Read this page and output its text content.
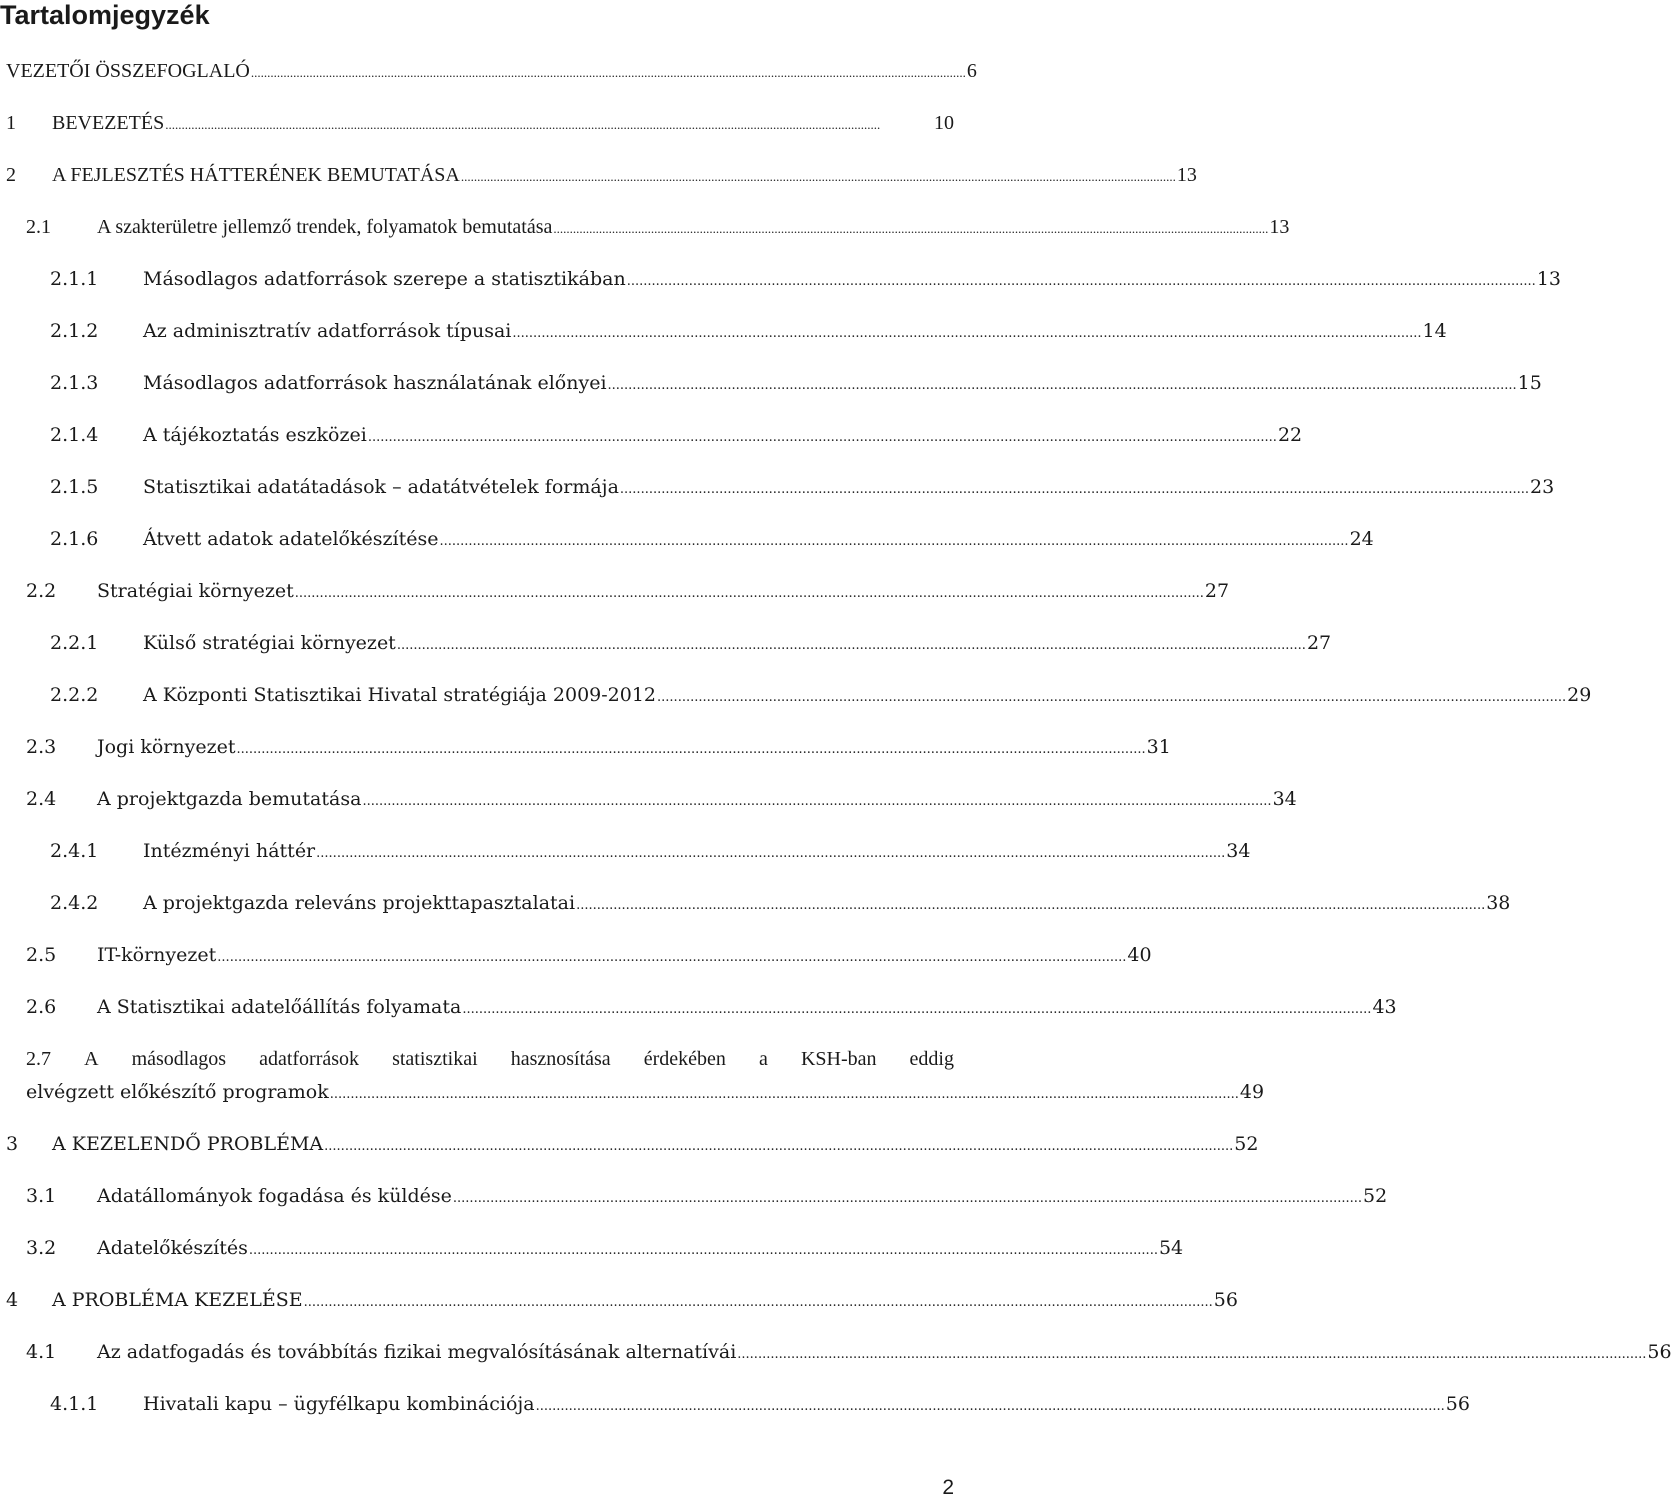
Tartalomjegyzék
VEZETŐI ÖSSZEFOGLALÓ .....	6
1	BEVEZETÉS .....	10
2	A FEJLESZTÉS HÁTTERÉNEK BEMUTATÁSA .....	13
2.1	A szakterületre jellemző trendek, folyamatok bemutatása .....	13
2.1.1	Másodlagos adatforrások szerepe a statisztikában .....	13
2.1.2	Az adminisztratív adatforrások típusai .....	14
2.1.3	Másodlagos adatforrások használatának előnyei .....	15
2.1.4	A tájékoztatás eszközei .....	22
2.1.5	Statisztikai adatátadások – adatátvételek formája .....	23
2.1.6	Átvett adatok adatelőkészítése .....	24
2.2	Stratégiai környezet .....	27
2.2.1	Külső stratégiai környezet .....	27
2.2.2	A Központi Statisztikai Hivatal stratégiája 2009-2012 .....	29
2.3	Jogi környezet .....	31
2.4	A projektgazda bemutatása .....	34
2.4.1	Intézményi háttér .....	34
2.4.2	A projektgazda releváns projekttapasztalatai .....	38
2.5	IT-környezet .....	40
2.6	A Statisztikai adatelőállítás folyamata .....	43
2.7 A másodlagos adatforrások statisztikai hasznosítása érdekében a KSH-ban eddig
elvégzett előkészítő programok .....	49
3	A KEZELENDŐ PROBLÉMA .....	52
3.1	Adatállományok fogadása és küldése .....	52
3.2	Adatelőkészítés .....	54
4	A PROBLÉMA KEZELÉSE .....	56
4.1	Az adatfogadás és továbbítás fizikai megvalósításának alternatívái .....	56
4.1.1	Hivatali kapu – ügyfélkapu kombinációja .....	56
2
